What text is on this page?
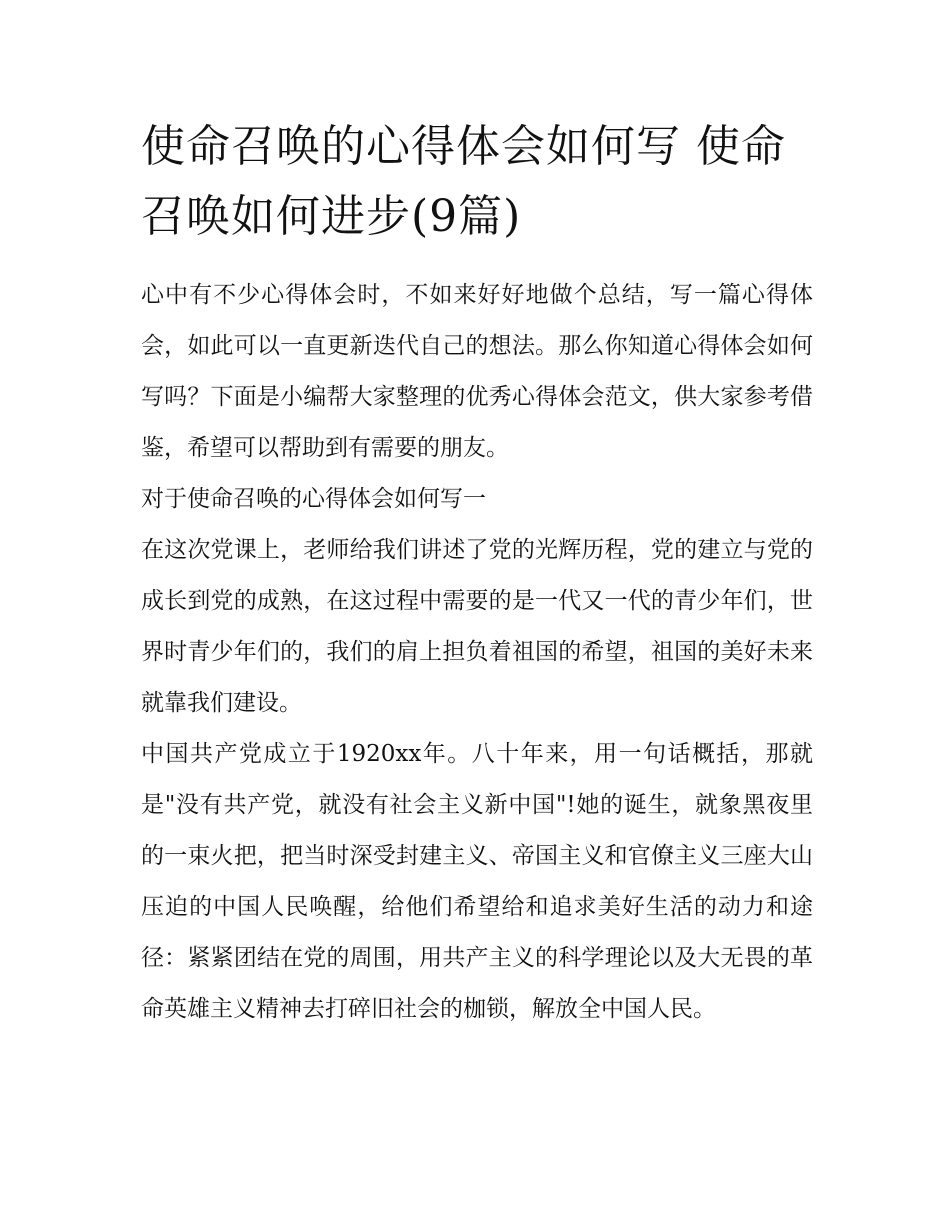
使命召唤的心得体会如何写 使命召唤如何进步(9篇)

心中有不少心得体会时，不如来好好地做个总结，写一篇心得体会，如此可以一直更新迭代自己的想法。那么你知道心得体会如何写吗？下面是小编帮大家整理的优秀心得体会范文，供大家参考借鉴，希望可以帮助到有需要的朋友。

对于使命召唤的心得体会如何写一

在这次党课上，老师给我们讲述了党的光辉历程，党的建立与党的成长到党的成熟，在这过程中需要的是一代又一代的青少年们，世界时青少年们的，我们的肩上担负着祖国的希望，祖国的美好未来就靠我们建设。

中国共产党成立于1920xx年。八十年来，用一句话概括，那就是"没有共产党，就没有社会主义新中国"!她的诞生，就象黑夜里的一束火把，把当时深受封建主义、帝国主义和官僚主义三座大山压迫的中国人民唤醒，给他们希望给和追求美好生活的动力和途径：紧紧团结在党的周围，用共产主义的科学理论以及大无畏的革命英雄主义精神去打碎旧社会的枷锁，解放全中国人民。
